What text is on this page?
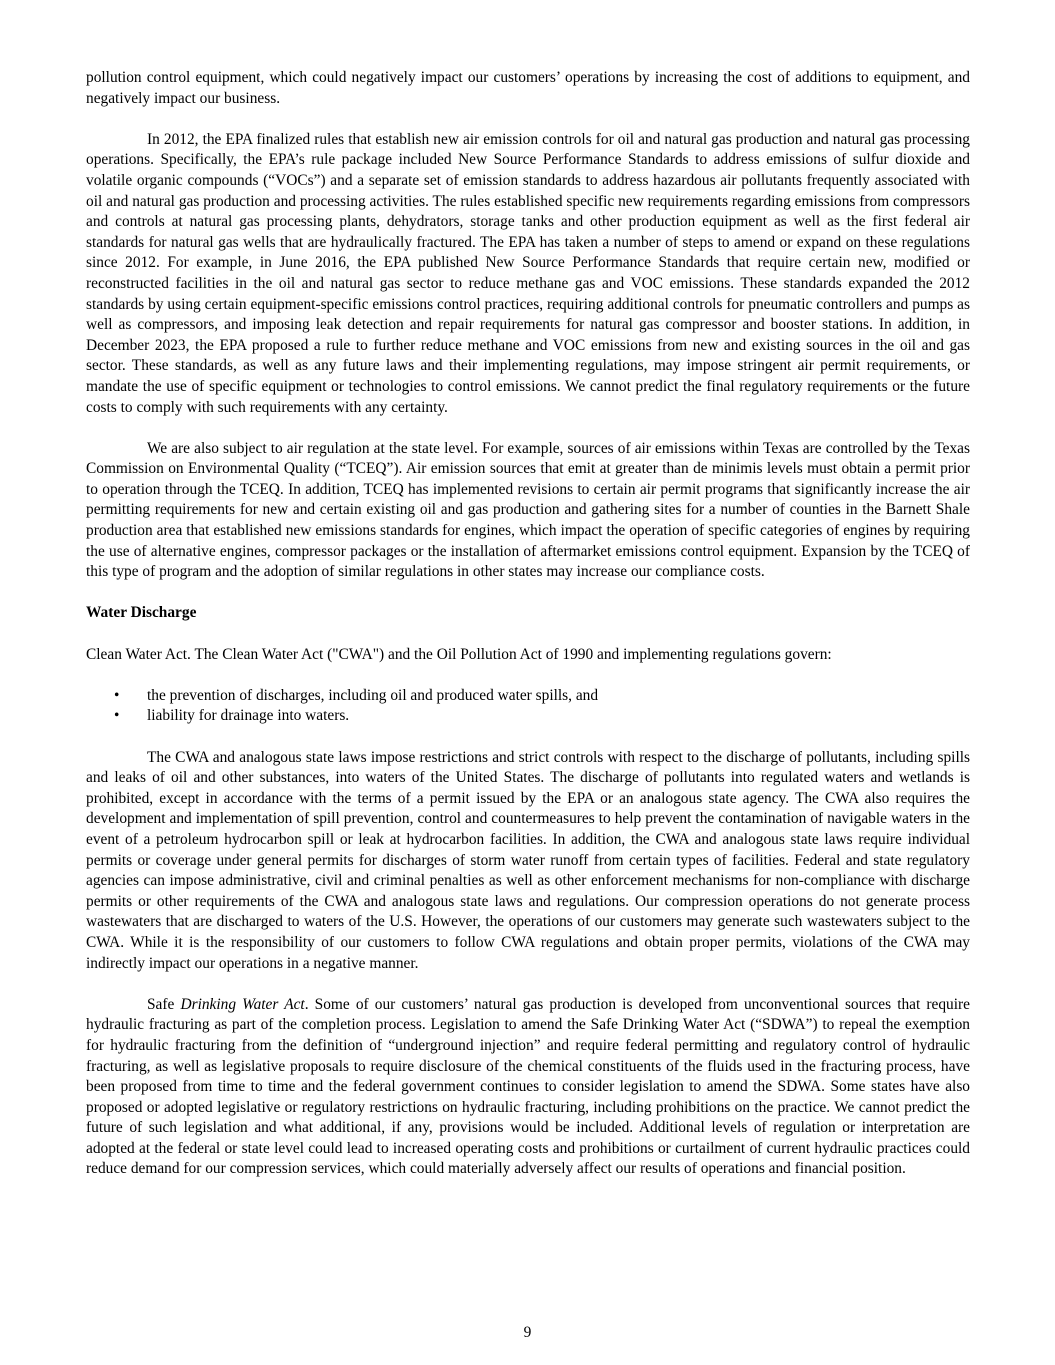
pollution control equipment, which could negatively impact our customers’ operations by increasing the cost of additions to equipment, and negatively impact our business.

In 2012, the EPA finalized rules that establish new air emission controls for oil and natural gas production and natural gas processing operations. Specifically, the EPA’s rule package included New Source Performance Standards to address emissions of sulfur dioxide and volatile organic compounds (“VOCs”) and a separate set of emission standards to address hazardous air pollutants frequently associated with oil and natural gas production and processing activities. The rules established specific new requirements regarding emissions from compressors and controls at natural gas processing plants, dehydrators, storage tanks and other production equipment as well as the first federal air standards for natural gas wells that are hydraulically fractured. The EPA has taken a number of steps to amend or expand on these regulations since 2012. For example, in June 2016, the EPA published New Source Performance Standards that require certain new, modified or reconstructed facilities in the oil and natural gas sector to reduce methane gas and VOC emissions. These standards expanded the 2012 standards by using certain equipment-specific emissions control practices, requiring additional controls for pneumatic controllers and pumps as well as compressors, and imposing leak detection and repair requirements for natural gas compressor and booster stations. In addition, in December 2023, the EPA proposed a rule to further reduce methane and VOC emissions from new and existing sources in the oil and gas sector. These standards, as well as any future laws and their implementing regulations, may impose stringent air permit requirements, or mandate the use of specific equipment or technologies to control emissions. We cannot predict the final regulatory requirements or the future costs to comply with such requirements with any certainty.

We are also subject to air regulation at the state level. For example, sources of air emissions within Texas are controlled by the Texas Commission on Environmental Quality (“TCEQ”). Air emission sources that emit at greater than de minimis levels must obtain a permit prior to operation through the TCEQ. In addition, TCEQ has implemented revisions to certain air permit programs that significantly increase the air permitting requirements for new and certain existing oil and gas production and gathering sites for a number of counties in the Barnett Shale production area that established new emissions standards for engines, which impact the operation of specific categories of engines by requiring the use of alternative engines, compressor packages or the installation of aftermarket emissions control equipment. Expansion by the TCEQ of this type of program and the adoption of similar regulations in other states may increase our compliance costs.

Water Discharge

Clean Water Act. The Clean Water Act ("CWA") and the Oil Pollution Act of 1990 and implementing regulations govern:

• the prevention of discharges, including oil and produced water spills, and
• liability for drainage into waters.

The CWA and analogous state laws impose restrictions and strict controls with respect to the discharge of pollutants, including spills and leaks of oil and other substances, into waters of the United States. The discharge of pollutants into regulated waters and wetlands is prohibited, except in accordance with the terms of a permit issued by the EPA or an analogous state agency. The CWA also requires the development and implementation of spill prevention, control and countermeasures to help prevent the contamination of navigable waters in the event of a petroleum hydrocarbon spill or leak at hydrocarbon facilities. In addition, the CWA and analogous state laws require individual permits or coverage under general permits for discharges of storm water runoff from certain types of facilities. Federal and state regulatory agencies can impose administrative, civil and criminal penalties as well as other enforcement mechanisms for non-compliance with discharge permits or other requirements of the CWA and analogous state laws and regulations. Our compression operations do not generate process wastewaters that are discharged to waters of the U.S. However, the operations of our customers may generate such wastewaters subject to the CWA. While it is the responsibility of our customers to follow CWA regulations and obtain proper permits, violations of the CWA may indirectly impact our operations in a negative manner.

Safe Drinking Water Act. Some of our customers’ natural gas production is developed from unconventional sources that require hydraulic fracturing as part of the completion process. Legislation to amend the Safe Drinking Water Act (“SDWA”) to repeal the exemption for hydraulic fracturing from the definition of “underground injection” and require federal permitting and regulatory control of hydraulic fracturing, as well as legislative proposals to require disclosure of the chemical constituents of the fluids used in the fracturing process, have been proposed from time to time and the federal government continues to consider legislation to amend the SDWA. Some states have also proposed or adopted legislative or regulatory restrictions on hydraulic fracturing, including prohibitions on the practice. We cannot predict the future of such legislation and what additional, if any, provisions would be included. Additional levels of regulation or interpretation are adopted at the federal or state level could lead to increased operating costs and prohibitions or curtailment of current hydraulic practices could reduce demand for our compression services, which could materially adversely affect our results of operations and financial position.

9
